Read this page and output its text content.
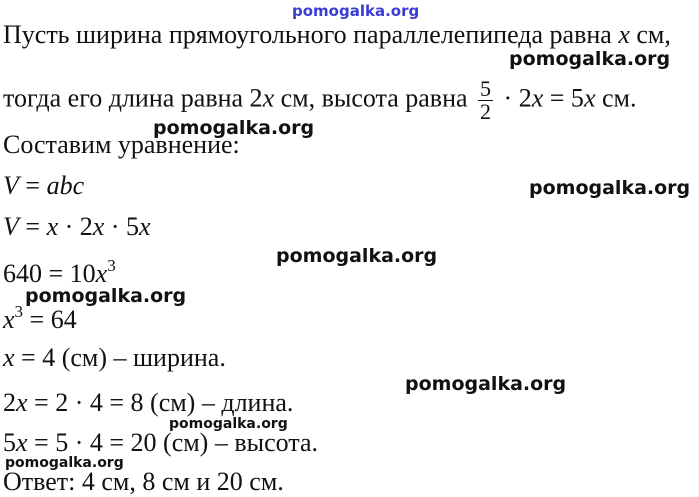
pomogalka.org
pomogalka.org
pomogalka.org
pomogalka.org
pomogalka.org
pomogalka.org
pomogalka.org
pomogalka.org
pomogalka.org
Пусть ширина прямоугольного параллелепипеда равна x см,
тогда его длина равна 2x см, высота равна $\frac{5}{2} \cdot 2x = 5x$ см.
Составим уравнение:
V = abc
V = x · 2x · 5x
$640 = 10x^3$
$x^3 = 64$
x = 4 (см) – ширина.
2x = 2 · 4 = 8 (см) – длина.
5x = 5 · 4 = 20 (см) – высота.
Ответ: 4 см, 8 см и 20 см.
